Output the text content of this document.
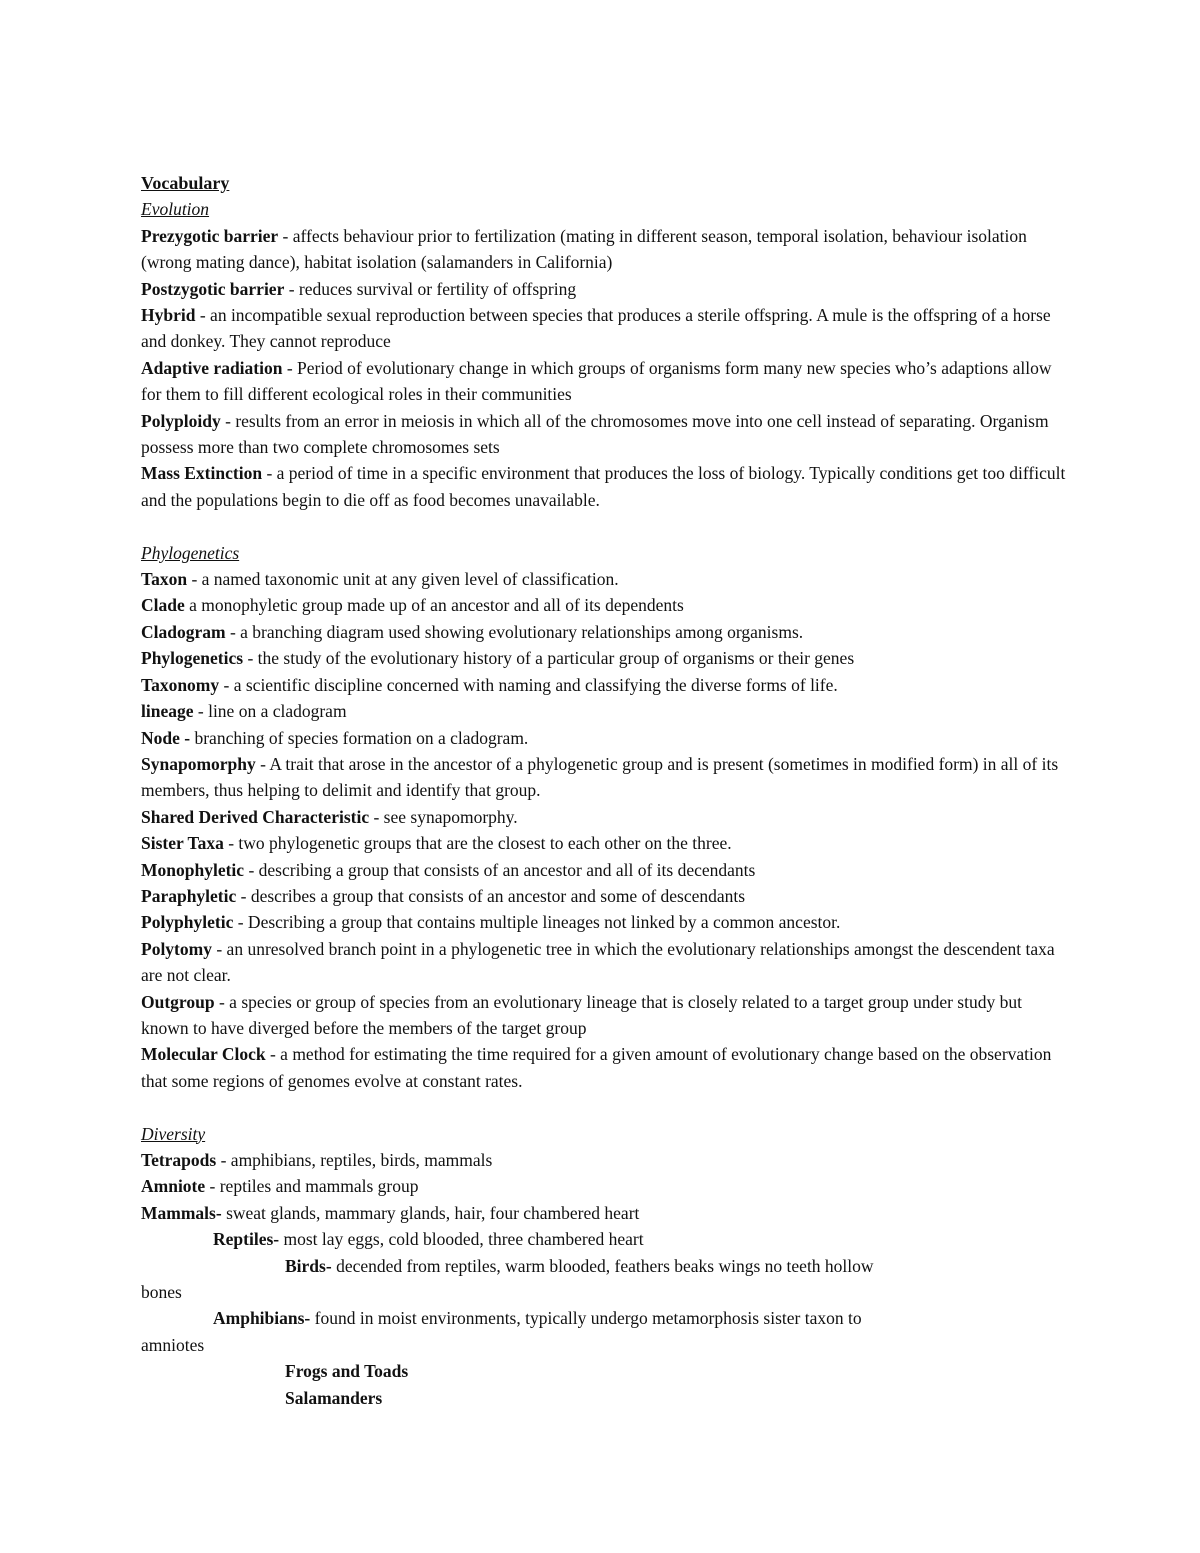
Vocabulary
Evolution

Prezygotic barrier - affects behaviour prior to fertilization (mating in different season, temporal isolation, behaviour isolation (wrong mating dance), habitat isolation (salamanders in California)

Postzygotic barrier - reduces survival or fertility of offspring

Hybrid - an incompatible sexual reproduction between species that produces a sterile offspring. A mule is the offspring of a horse and donkey. They cannot reproduce

Adaptive radiation - Period of evolutionary change in which groups of organisms form many new species who’s adaptions allow for them to fill different ecological roles in their communities

Polyploidy - results from an error in meiosis in which all of the chromosomes move into one cell instead of separating. Organism possess more than two complete chromosomes sets

Mass Extinction - a period of time in a specific environment that produces the loss of biology. Typically conditions get too difficult and the populations begin to die off as food becomes unavailable.

Phylogenetics

Taxon - a named taxonomic unit at any given level of classification.

Clade a monophyletic group made up of an ancestor and all of its dependents

Cladogram - a branching diagram used showing evolutionary relationships among organisms.

Phylogenetics - the study of the evolutionary history of a particular group of organisms or their genes

Taxonomy - a scientific discipline concerned with naming and classifying the diverse forms of life.

lineage - line on a cladogram

Node - branching of species formation on a cladogram.

Synapomorphy - A trait that arose in the ancestor of a phylogenetic group and is present (sometimes in modified form) in all of its members, thus helping to delimit and identify that group.

Shared Derived Characteristic - see synapomorphy.

Sister Taxa - two phylogenetic groups that are the closest to each other on the three.

Monophyletic - describing a group that consists of an ancestor and all of its decendants

Paraphyletic - describes a group that consists of an ancestor and some of descendants

Polyphyletic - Describing a group that contains multiple lineages not linked by a common ancestor.

Polytomy - an unresolved branch point in a phylogenetic tree in which the evolutionary relationships amongst the descendent taxa are not clear.

Outgroup - a species or group of species from an evolutionary lineage that is closely related to a target group under study but known to have diverged before the members of the target group

Molecular Clock - a method for estimating the time required for a given amount of evolutionary change based on the observation that some regions of genomes evolve at constant rates.

Diversity

Tetrapods - amphibians, reptiles, birds, mammals

Amniote - reptiles and mammals group

Mammals- sweat glands, mammary glands, hair, four chambered heart

Reptiles- most lay eggs, cold blooded, three chambered heart

Birds- decended from reptiles, warm blooded, feathers beaks wings no teeth hollow

bones

Amphibians- found in moist environments, typically undergo metamorphosis sister taxon to

amniotes

Frogs and Toads

Salamanders
